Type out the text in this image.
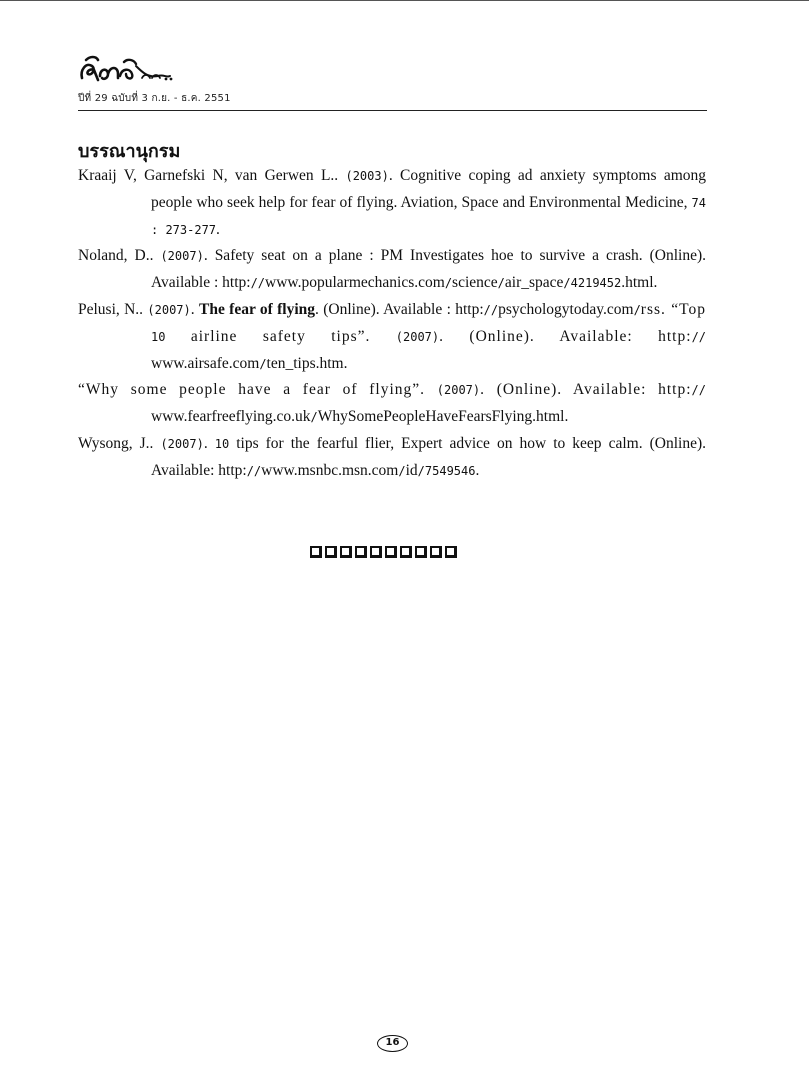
ปีที่ 29 ฉบับที่ 3 ก.ย. - ธ.ค. 2551
บรรณานุกรม

Kraaij V, Garnefski N, van Gerwen L.. (2003). Cognitive coping ad anxiety symptoms among people who seek help for fear of flying. Aviation, Space and Environmental Medicine, 74 : 273-277.

Noland, D.. (2007). Safety seat on a plane : PM Investigates hoe to survive a crash. (Online). Available : http://www.popularmechanics.com/science/air_space/4219452.html.

Pelusi, N.. (2007). The fear of flying. (Online). Available : http://psychologytoday.com/rss. “Top 10 airline safety tips”. (2007). (Online). Available: http:// www.airsafe.com/ten_tips.htm.

“Why some people have a fear of flying”. (2007). (Online). Available: http:// www.fearfreeflying.co.uk/WhySomePeopleHaveFearsFlying.html.

Wysong, J.. (2007). 10 tips for the fearful flier, Expert advice on how to keep calm. (Online). Available: http://www.msnbc.msn.com/id/7549546.

16
